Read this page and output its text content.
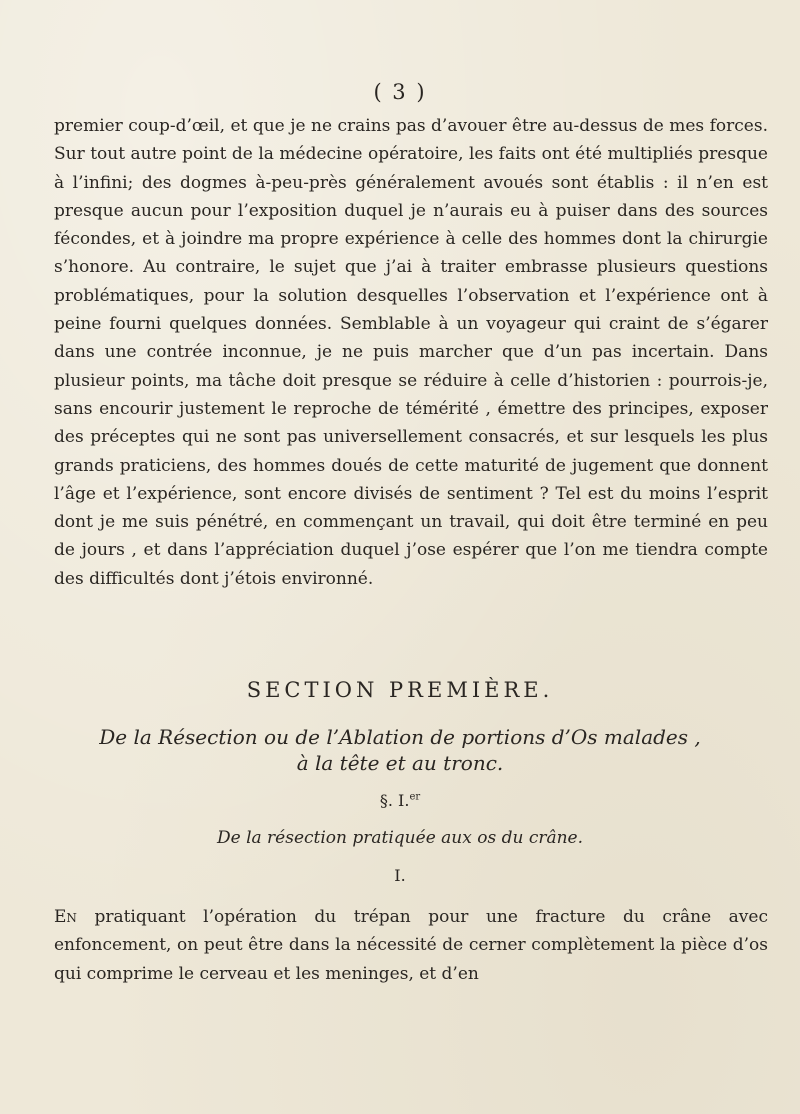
( 3 )

premier coup-d’œil, et que je ne crains pas d’avouer être au-dessus de mes forces. Sur tout autre point de la médecine opératoire, les faits ont été multipliés presque à l’infini; des dogmes à-peu-près généralement avoués sont établis : il n’en est presque aucun pour l’exposition duquel je n’aurais eu à puiser dans des sources fécondes, et à joindre ma propre expérience à celle des hommes dont la chirurgie s’honore. Au contraire, le sujet que j’ai à traiter embrasse plusieurs questions problématiques, pour la solution desquelles l’observation et l’expérience ont à peine fourni quelques données. Semblable à un voyageur qui craint de s’égarer dans une contrée inconnue, je ne puis marcher que d’un pas incertain. Dans plusieur points, ma tâche doit presque se réduire à celle d’historien : pourrois-je, sans encourir justement le reproche de témérité , émettre des principes, exposer des préceptes qui ne sont pas universellement consacrés, et sur lesquels les plus grands praticiens, des hommes doués de cette maturité de jugement que donnent l’âge et l’expérience, sont encore divisés de sentiment ? Tel est du moins l’esprit dont je me suis pénétré, en commençant un travail, qui doit être terminé en peu de jours , et dans l’appréciation duquel j’ose espérer que l’on me tiendra compte des difficultés dont j’étois environné.

SECTION PREMIÈRE.
De la Résection ou de l’Ablation de portions d’Os malades ,
à la tête et au tronc.
§. I.$^{er}$

De la résection pratiquée aux os du crâne.

I.

En pratiquant l’opération du trépan pour une fracture du crâne avec enfoncement, on peut être dans la nécessité de cerner complètement la pièce d’os qui comprime le cerveau et les meninges, et d’en
